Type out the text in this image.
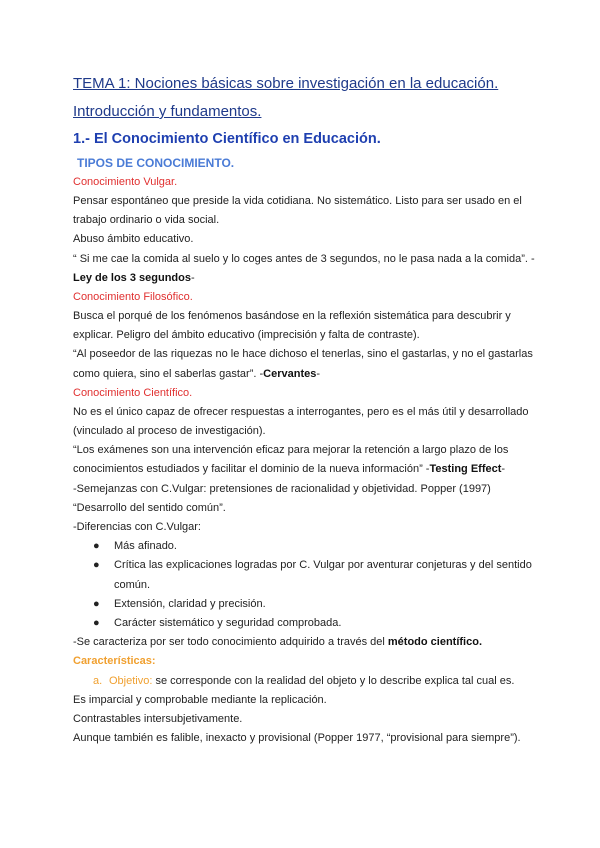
TEMA 1: Nociones básicas sobre investigación en la educación.
Introducción y fundamentos.
1.- El Conocimiento Científico en Educación.
TIPOS DE CONOCIMIENTO.
Conocimiento Vulgar.

Pensar espontáneo que preside la vida cotidiana. No sistemático. Listo para ser usado en el trabajo ordinario o vida social.

Abuso ámbito educativo.

“ Si me cae la comida al suelo y lo coges antes de 3 segundos, no le pasa nada a la comida”. - Ley de los 3 segundos-

Conocimiento Filosófico.

Busca el porqué de los fenómenos basándose en la reflexión sistemática para descubrir y explicar. Peligro del ámbito educativo (imprecisión y falta de contraste).

“Al poseedor de las riquezas no le hace dichoso el tenerlas, sino el gastarlas, y no el gastarlas como quiera, sino el saberlas gastar”. -Cervantes-

Conocimiento Científico.

No es el único capaz de ofrecer respuestas a interrogantes, pero es el más útil y desarrollado (vinculado al proceso de investigación).

“Los exámenes son una intervención eficaz para mejorar la retención a largo plazo de los conocimientos estudiados y facilitar el dominio de la nueva información” -Testing Effect-

-Semejanzas con C.Vulgar: pretensiones de racionalidad y objetividad. Popper (1997)

“Desarrollo del sentido común”.

-Diferencias con C.Vulgar:

● Más afinado.
● Crítica las explicaciones logradas por C. Vulgar por aventurar conjeturas y del sentido común.
● Extensión, claridad y precisión.
● Carácter sistemático y seguridad comprobada.

-Se caracteriza por ser todo conocimiento adquirido a través del método científico.

Características:
a. Objetivo: se corresponde con la realidad del objeto y lo describe explica tal cual es.

Es imparcial y comprobable mediante la replicación.

Contrastables intersubjetivamente.

Aunque también es falible, inexacto y provisional (Popper 1977, “provisional para siempre”).
